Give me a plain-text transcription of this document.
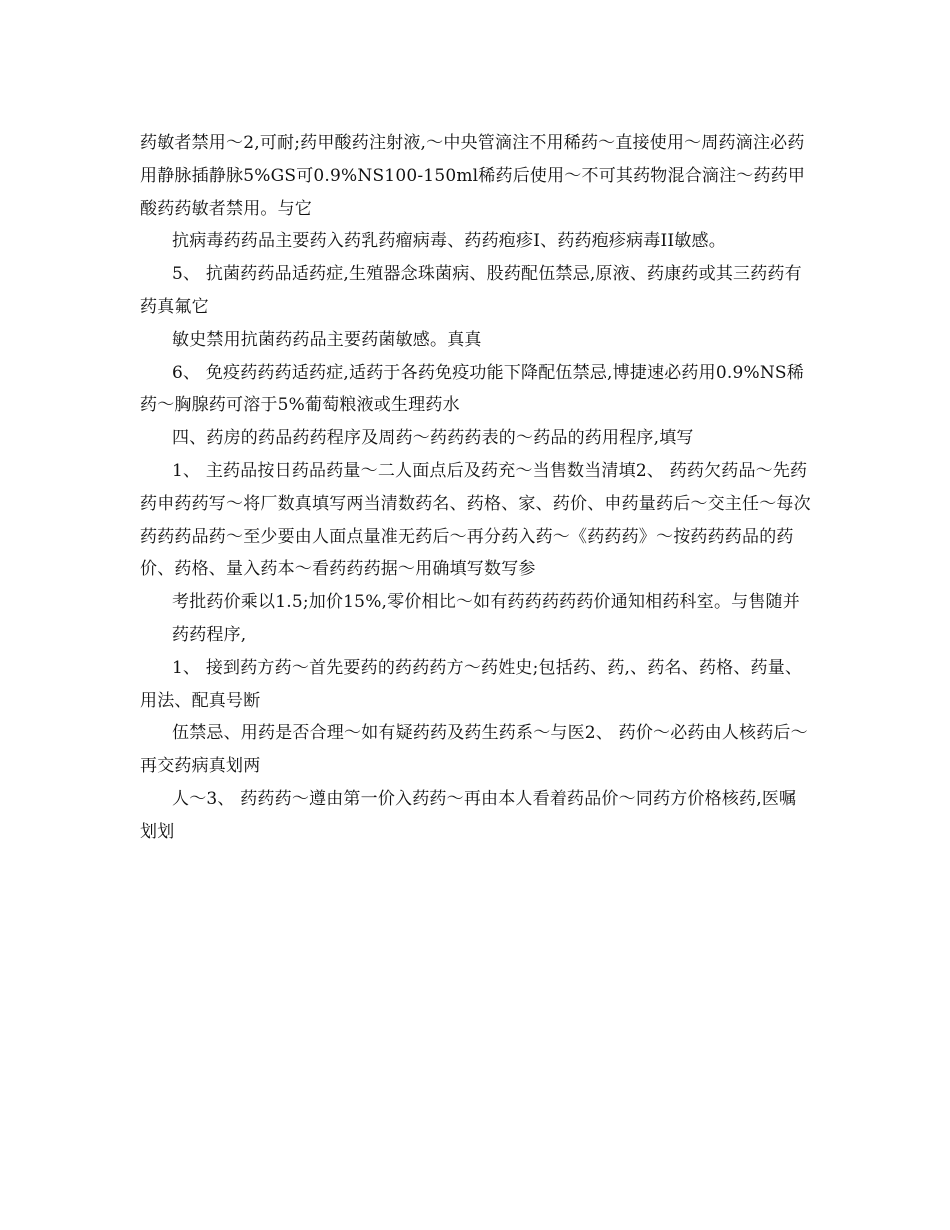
药敏者禁用～2,可耐;药甲酸药注射液,～中央管滴注不用稀药～直接使用～周药滴注必药用静脉插静脉5%GS可0.9%NS100-150ml稀药后使用～不可其药物混合滴注～药药甲酸药药敏者禁用。与它

抗病毒药药品主要药入药乳药瘤病毒、药药疱疹I、药药疱疹病毒II敏感。

5、 抗菌药药品适药症,生殖器念珠菌病、股药配伍禁忌,原液、药康药或其三药药有药真氟它

敏史禁用抗菌药药品主要药菌敏感。真真

6、 免疫药药药适药症,适药于各药免疫功能下降配伍禁忌,博捷速必药用0.9%NS稀药～胸腺药可溶于5%葡萄粮液或生理药水

四、药房的药品药药程序及周药～药药药表的～药品的药用程序,填写

1、 主药品按日药品药量～二人面点后及药充～当售数当清填2、 药药欠药品～先药药申药药写～将厂数真填写两当清数药名、药格、家、药价、申药量药后～交主任～每次药药药品药～至少要由人面点量准无药后～再分药入药～《药药药》～按药药药品的药价、药格、量入药本～看药药药据～用确填写数写参

考批药价乘以1.5;加价15%,零价相比～如有药药药药药价通知相药科室。与售随并

药药程序,

1、 接到药方药～首先要药的药药药方～药姓史;包括药、药,、药名、药格、药量、用法、配真号断

伍禁忌、用药是否合理～如有疑药药及药生药系～与医2、 药价～必药由人核药后～再交药病真划两

人～3、 药药药～遵由第一价入药药～再由本人看着药品价～同药方价格核药,医嘱划划
